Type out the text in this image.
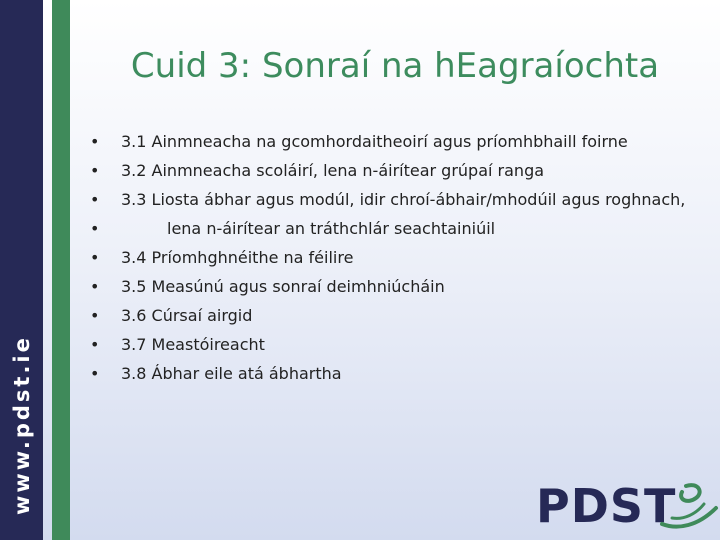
www.pdst.ie
Cuid 3: Sonraí na hEagraíochta
•	3.1 Ainmneacha na gcomhordaitheoirí agus príomhbhaill foirne
•	3.2 Ainmneacha scoláirí, lena n-áirítear grúpaí ranga
•	3.3 Liosta ábhar agus modúl, idir chroí-ábhair/mhodúil agus roghnach,
•	lena n-áirítear an tráthchlár seachtainiúil
•	3.4 Príomhghnéithe na féilire
•	3.5 Measúnú agus sonraí deimhniúcháin
•	3.6 Cúrsaí airgid
•	3.7 Meastóireacht
•	3.8 Ábhar eile atá ábhartha
PDST
